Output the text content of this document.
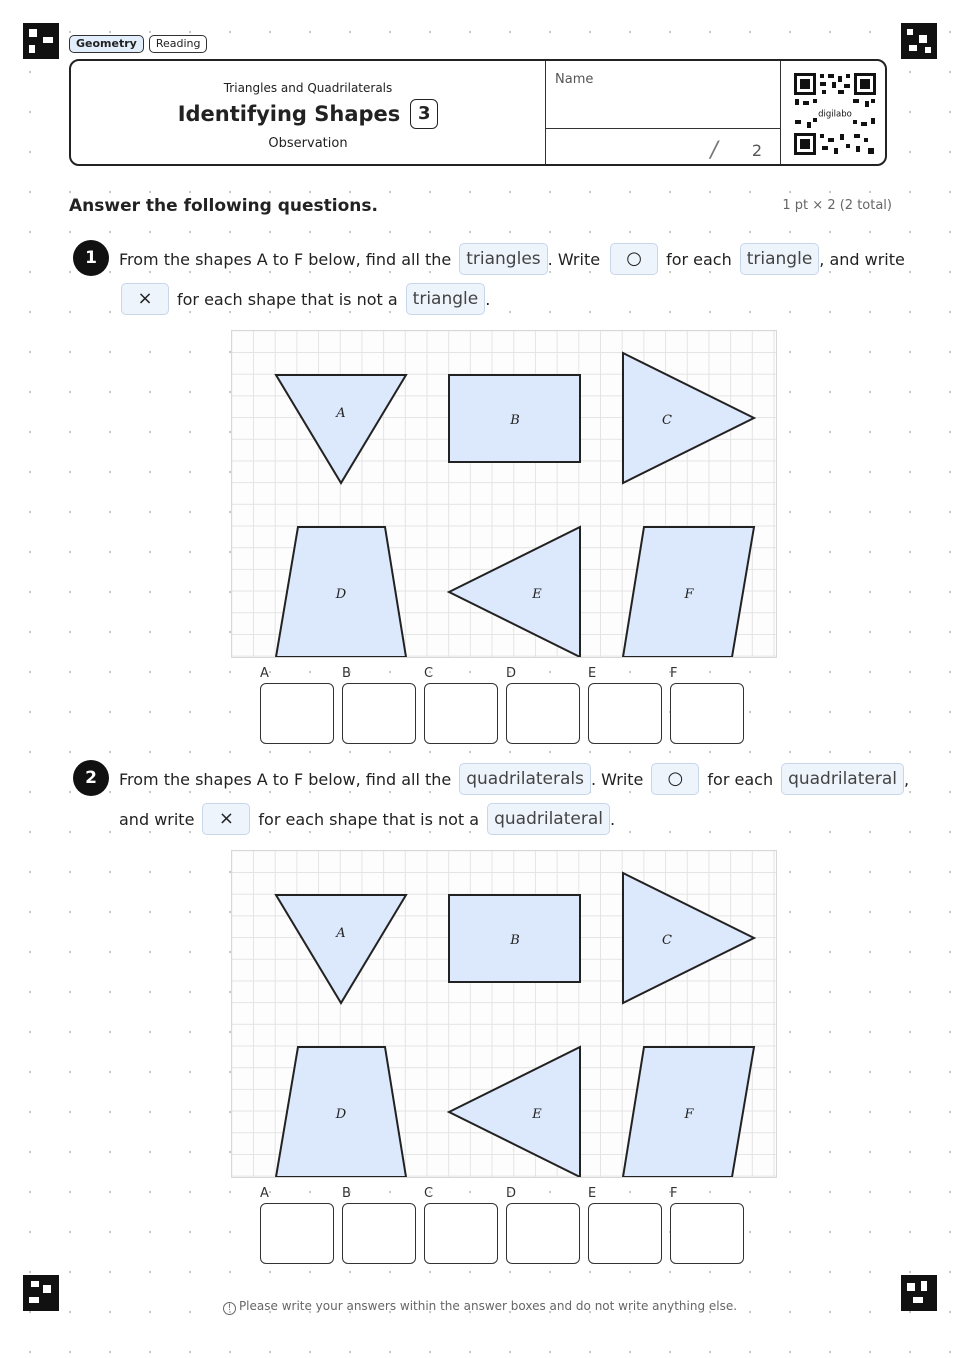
Geometry	Reading
Triangles and Quadrilaterals
Identifying Shapes 3
Observation
Name
/ 2
digilabo
Answer the following questions.	1 pt × 2 (2 total)
1	From the shapes A to F below, find all the triangles . Write	○	for each triangle , and write
×	for each shape that is not a triangle .
A	B	C
D	E	F
A	B	C	D	E	F
2	From the shapes A to F below, find all the quadrilaterals . Write	○	for each quadrilateral ,
and write	×	for each shape that is not a quadrilateral .
A	B	C
D	E	F
A	B	C	D	E	F
! Please write your answers within the answer boxes and do not write anything else.
